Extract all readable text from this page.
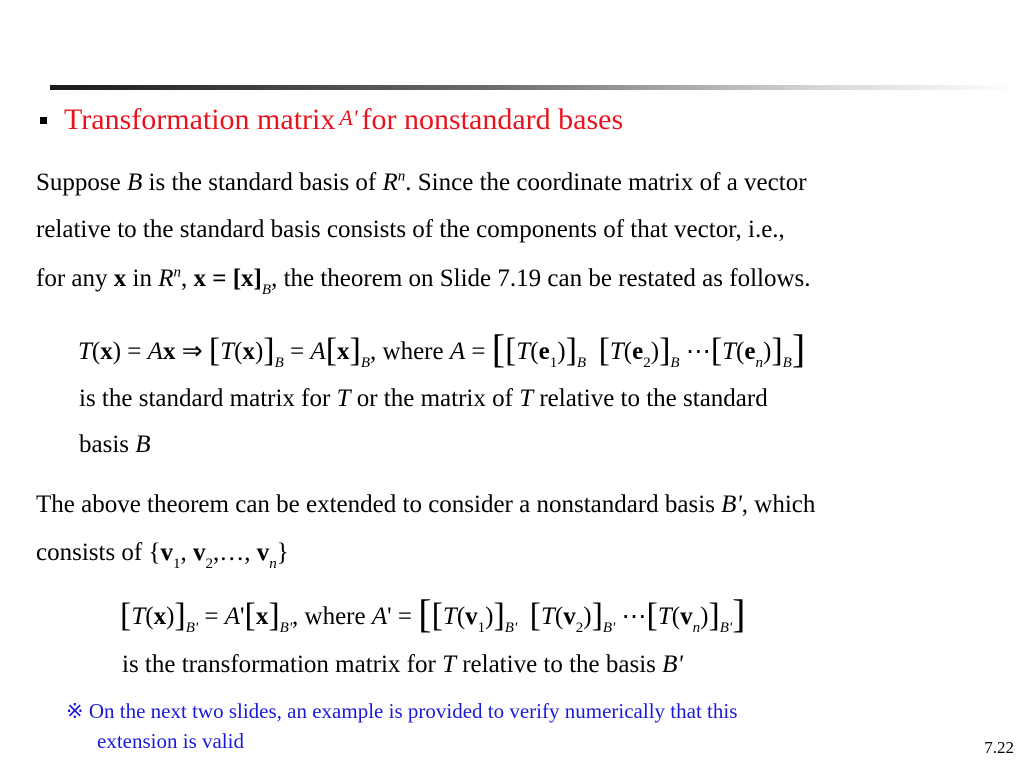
Transformation matrix A' for nonstandard bases
Suppose B is the standard basis of $R^n$. Since the coordinate matrix of a vector
relative to the standard basis consists of the components of that vector, i.e.,
for any x in $R^n$, $x = [x]_B$, the theorem on Slide 7.19 can be restated as follows.
T(x) = Ax ⇒ $[T(x)]_B = A[x]_B$, where $A = [[T(e_1)]_B$ $[T(e_2)]_B$ $\cdots[T(e_n)]_B$]
is the standard matrix for T or the matrix of T relative to the standard
basis B
The above theorem can be extended to consider a nonstandard basis B', which
consists of {$v_1$, $v_2,\dots$, $v_n$}
$[T(x)]_{B'} = A'[x]_{B'}$, where $A' = [[T(v_1)]_{B'}$ $[T(v_2)]_{B'}$ $\cdots[T(v_n)]_{B'}$]
is the transformation matrix for T relative to the basis B'
※ On the next two slides, an example is provided to verify numerically that this
extension is valid	7.22
